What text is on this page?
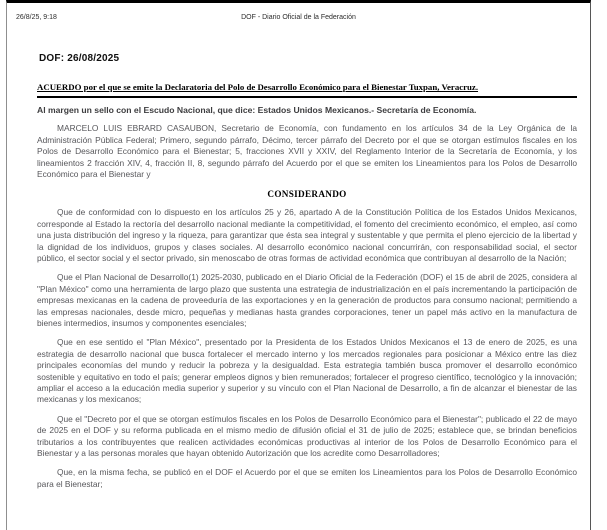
26/8/25, 9:18	DOF - Diario Oficial de la Federación
DOF: 26/08/2025
ACUERDO por el que se emite la Declaratoria del Polo de Desarrollo Económico para el Bienestar Tuxpan, Veracruz.

Al margen un sello con el Escudo Nacional, que dice: Estados Unidos Mexicanos.- Secretaría de Economía.

MARCELO LUIS EBRARD CASAUBON, Secretario de Economía, con fundamento en los artículos 34 de la Ley Orgánica de la Administración Pública Federal; Primero, segundo párrafo, Décimo, tercer párrafo del Decreto por el que se otorgan estímulos fiscales en los Polos de Desarrollo Económico para el Bienestar; 5, fracciones XVII y XXIV, del Reglamento Interior de la Secretaría de Economía, y los lineamientos 2 fracción XIV, 4, fracción II, 8, segundo párrafo del Acuerdo por el que se emiten los Lineamientos para los Polos de Desarrollo Económico para el Bienestar y

CONSIDERANDO

Que de conformidad con lo dispuesto en los artículos 25 y 26, apartado A de la Constitución Política de los Estados Unidos Mexicanos, corresponde al Estado la rectoría del desarrollo nacional mediante la competitividad, el fomento del crecimiento económico, el empleo, así como una justa distribución del ingreso y la riqueza, para garantizar que ésta sea integral y sustentable y que permita el pleno ejercicio de la libertad y la dignidad de los individuos, grupos y clases sociales. Al desarrollo económico nacional concurrirán, con responsabilidad social, el sector público, el sector social y el sector privado, sin menoscabo de otras formas de actividad económica que contribuyan al desarrollo de la Nación;

Que el Plan Nacional de Desarrollo(1) 2025-2030, publicado en el Diario Oficial de la Federación (DOF) el 15 de abril de 2025, considera al "Plan México" como una herramienta de largo plazo que sustenta una estrategia de industrialización en el país incrementando la participación de empresas mexicanas en la cadena de proveeduría de las exportaciones y en la generación de productos para consumo nacional; permitiendo a las empresas nacionales, desde micro, pequeñas y medianas hasta grandes corporaciones, tener un papel más activo en la manufactura de bienes intermedios, insumos y componentes esenciales;

Que en ese sentido el "Plan México", presentado por la Presidenta de los Estados Unidos Mexicanos el 13 de enero de 2025, es una estrategia de desarrollo nacional que busca fortalecer el mercado interno y los mercados regionales para posicionar a México entre las diez principales economías del mundo y reducir la pobreza y la desigualdad. Esta estrategia también busca promover el desarrollo económico sostenible y equitativo en todo el país; generar empleos dignos y bien remunerados; fortalecer el progreso científico, tecnológico y la innovación; ampliar el acceso a la educación media superior y superior y su vínculo con el Plan Nacional de Desarrollo, a fin de alcanzar el bienestar de las mexicanas y los mexicanos;

Que el "Decreto por el que se otorgan estímulos fiscales en los Polos de Desarrollo Económico para el Bienestar"; publicado el 22 de mayo de 2025 en el DOF y su reforma publicada en el mismo medio de difusión oficial el 31 de julio de 2025; establece que, se brindan beneficios tributarios a los contribuyentes que realicen actividades económicas productivas al interior de los Polos de Desarrollo Económico para el Bienestar y a las personas morales que hayan obtenido Autorización que los acredite como Desarrolladores;

Que, en la misma fecha, se publicó en el DOF el Acuerdo por el que se emiten los Lineamientos para los Polos de Desarrollo Económico para el Bienestar;
